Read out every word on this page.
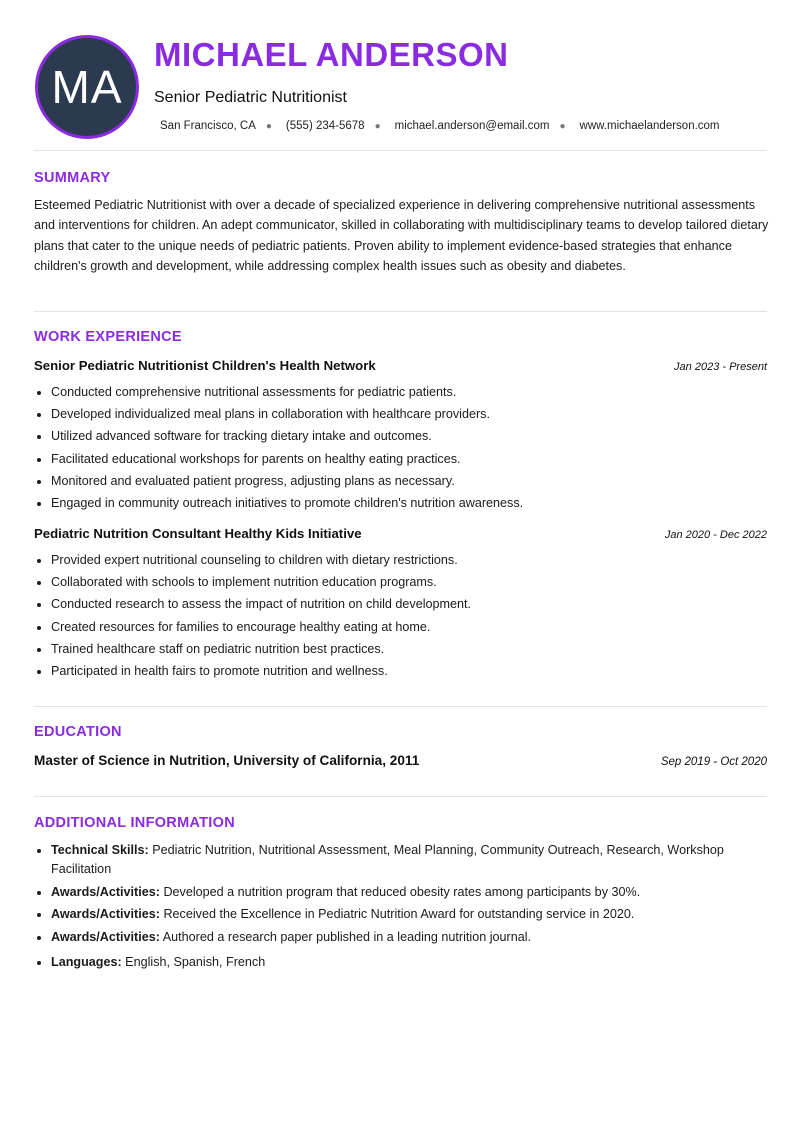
MA
MICHAEL ANDERSON

Senior Pediatric Nutritionist

San Francisco, CA ● (555) 234-5678 ● michael.anderson@email.com ● www.michaelanderson.com
SUMMARY

Esteemed Pediatric Nutritionist with over a decade of specialized experience in delivering comprehensive nutritional assessments and interventions for children. An adept communicator, skilled in collaborating with multidisciplinary teams to develop tailored dietary plans that cater to the unique needs of pediatric patients. Proven ability to implement evidence-based strategies that enhance children's growth and development, while addressing complex health issues such as obesity and diabetes.

WORK EXPERIENCE
Senior Pediatric Nutritionist Children's Health Network	Jan 2023 - Present
• Conducted comprehensive nutritional assessments for pediatric patients.
• Developed individualized meal plans in collaboration with healthcare providers.
• Utilized advanced software for tracking dietary intake and outcomes.
• Facilitated educational workshops for parents on healthy eating practices.
• Monitored and evaluated patient progress, adjusting plans as necessary.
• Engaged in community outreach initiatives to promote children's nutrition awareness.
Pediatric Nutrition Consultant Healthy Kids Initiative	Jan 2020 - Dec 2022
• Provided expert nutritional counseling to children with dietary restrictions.
• Collaborated with schools to implement nutrition education programs.
• Conducted research to assess the impact of nutrition on child development.
• Created resources for families to encourage healthy eating at home.
• Trained healthcare staff on pediatric nutrition best practices.
• Participated in health fairs to promote nutrition and wellness.
EDUCATION
Master of Science in Nutrition, University of California, 2011	Sep 2019 - Oct 2020
ADDITIONAL INFORMATION
• Technical Skills: Pediatric Nutrition, Nutritional Assessment, Meal Planning, Community Outreach, Research, Workshop Facilitation
• Awards/Activities: Developed a nutrition program that reduced obesity rates among participants by 30%.
• Awards/Activities: Received the Excellence in Pediatric Nutrition Award for outstanding service in 2020.
• Awards/Activities: Authored a research paper published in a leading nutrition journal.
• Languages: English, Spanish, French
